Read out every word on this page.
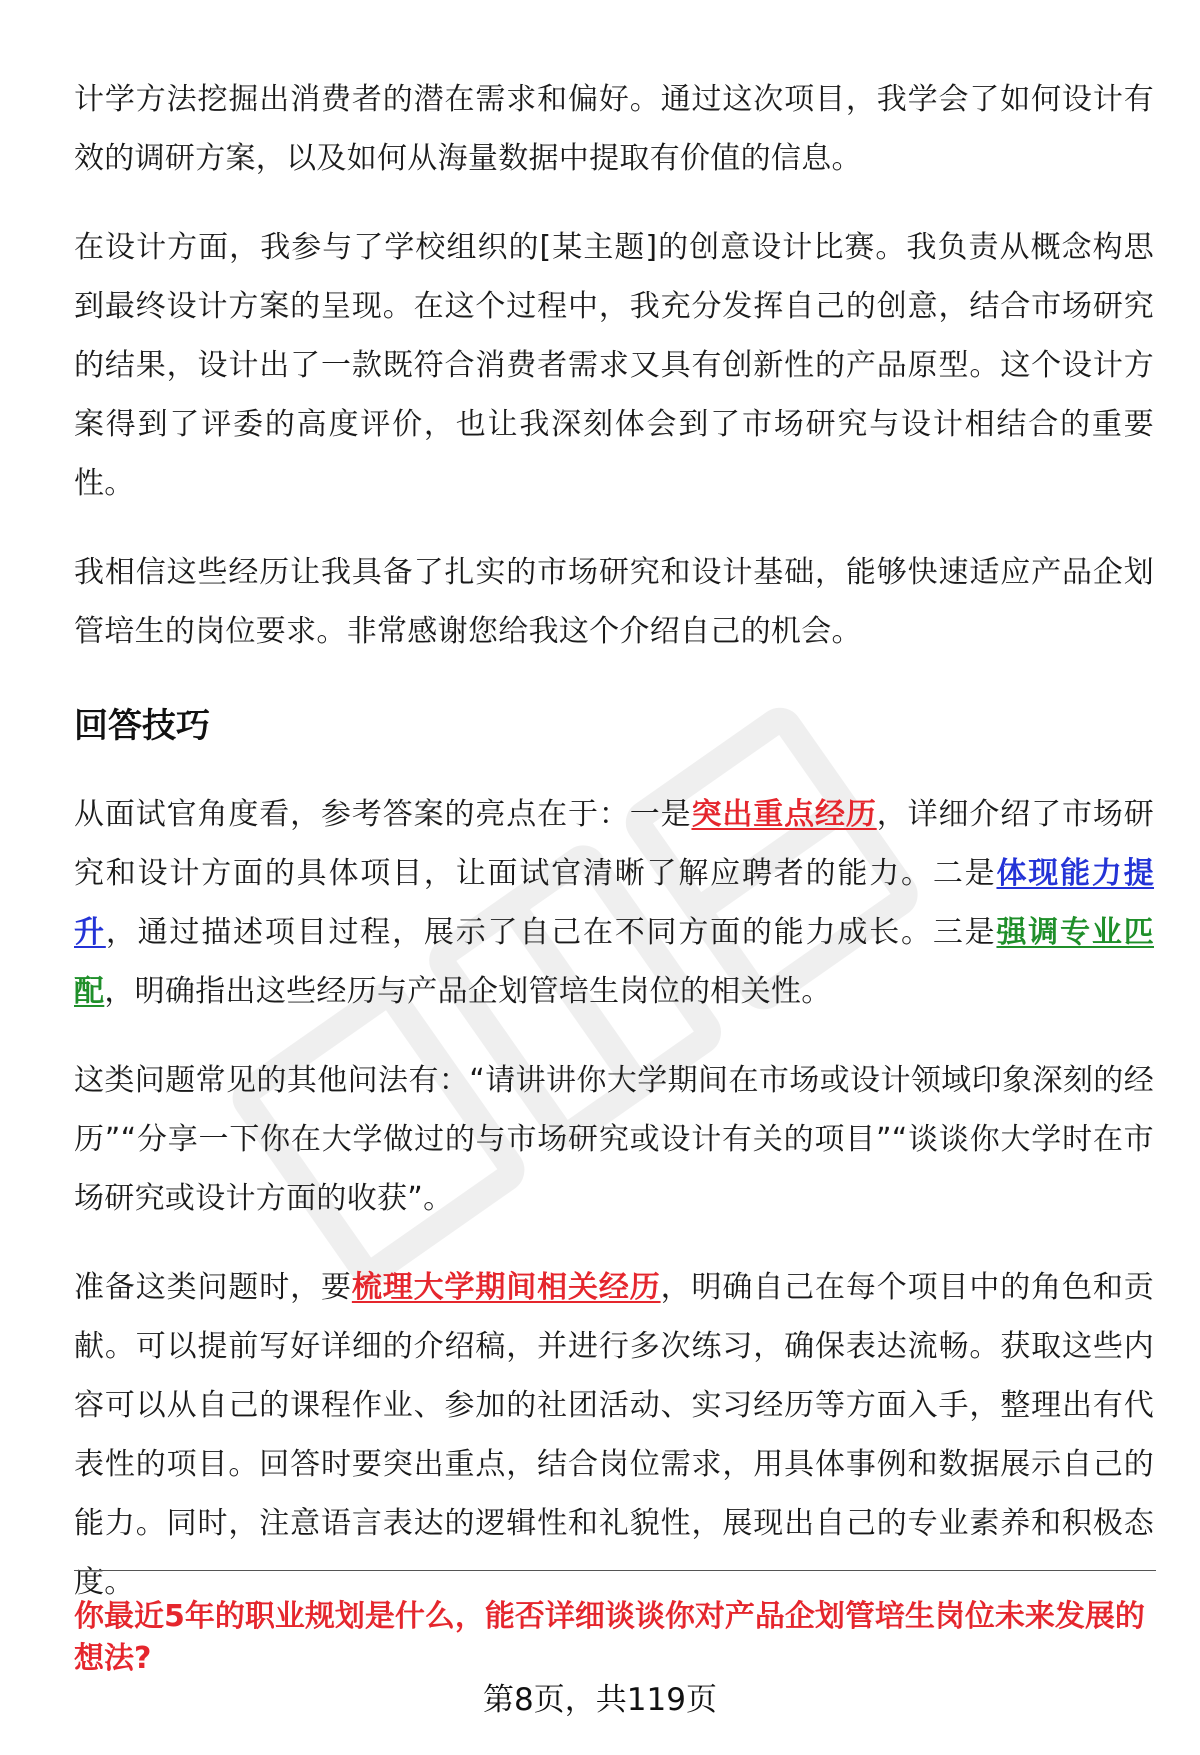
计学方法挖掘出消费者的潜在需求和偏好。通过这次项目，我学会了如何设计有效的调研方案，以及如何从海量数据中提取有价值的信息。

在设计方面，我参与了学校组织的[某主题]的创意设计比赛。我负责从概念构思到最终设计方案的呈现。在这个过程中，我充分发挥自己的创意，结合市场研究的结果，设计出了一款既符合消费者需求又具有创新性的产品原型。这个设计方案得到了评委的高度评价，也让我深刻体会到了市场研究与设计相结合的重要性。

我相信这些经历让我具备了扎实的市场研究和设计基础，能够快速适应产品企划管培生的岗位要求。非常感谢您给我这个介绍自己的机会。

回答技巧

从面试官角度看，参考答案的亮点在于：一是突出重点经历，详细介绍了市场研究和设计方面的具体项目，让面试官清晰了解应聘者的能力。二是体现能力提升，通过描述项目过程，展示了自己在不同方面的能力成长。三是强调专业匹配，明确指出这些经历与产品企划管培生岗位的相关性。

这类问题常见的其他问法有：“请讲讲你大学期间在市场或设计领域印象深刻的经历”“分享一下你在大学做过的与市场研究或设计有关的项目”“谈谈你大学时在市场研究或设计方面的收获”。

准备这类问题时，要梳理大学期间相关经历，明确自己在每个项目中的角色和贡献。可以提前写好详细的介绍稿，并进行多次练习，确保表达流畅。获取这些内容可以从自己的课程作业、参加的社团活动、实习经历等方面入手，整理出有代表性的项目。回答时要突出重点，结合岗位需求，用具体事例和数据展示自己的能力。同时，注意语言表达的逻辑性和礼貌性，展现出自己的专业素养和积极态度。

你最近5年的职业规划是什么，能否详细谈谈你对产品企划管培生岗位未来发展的想法?
第8页，共119页
